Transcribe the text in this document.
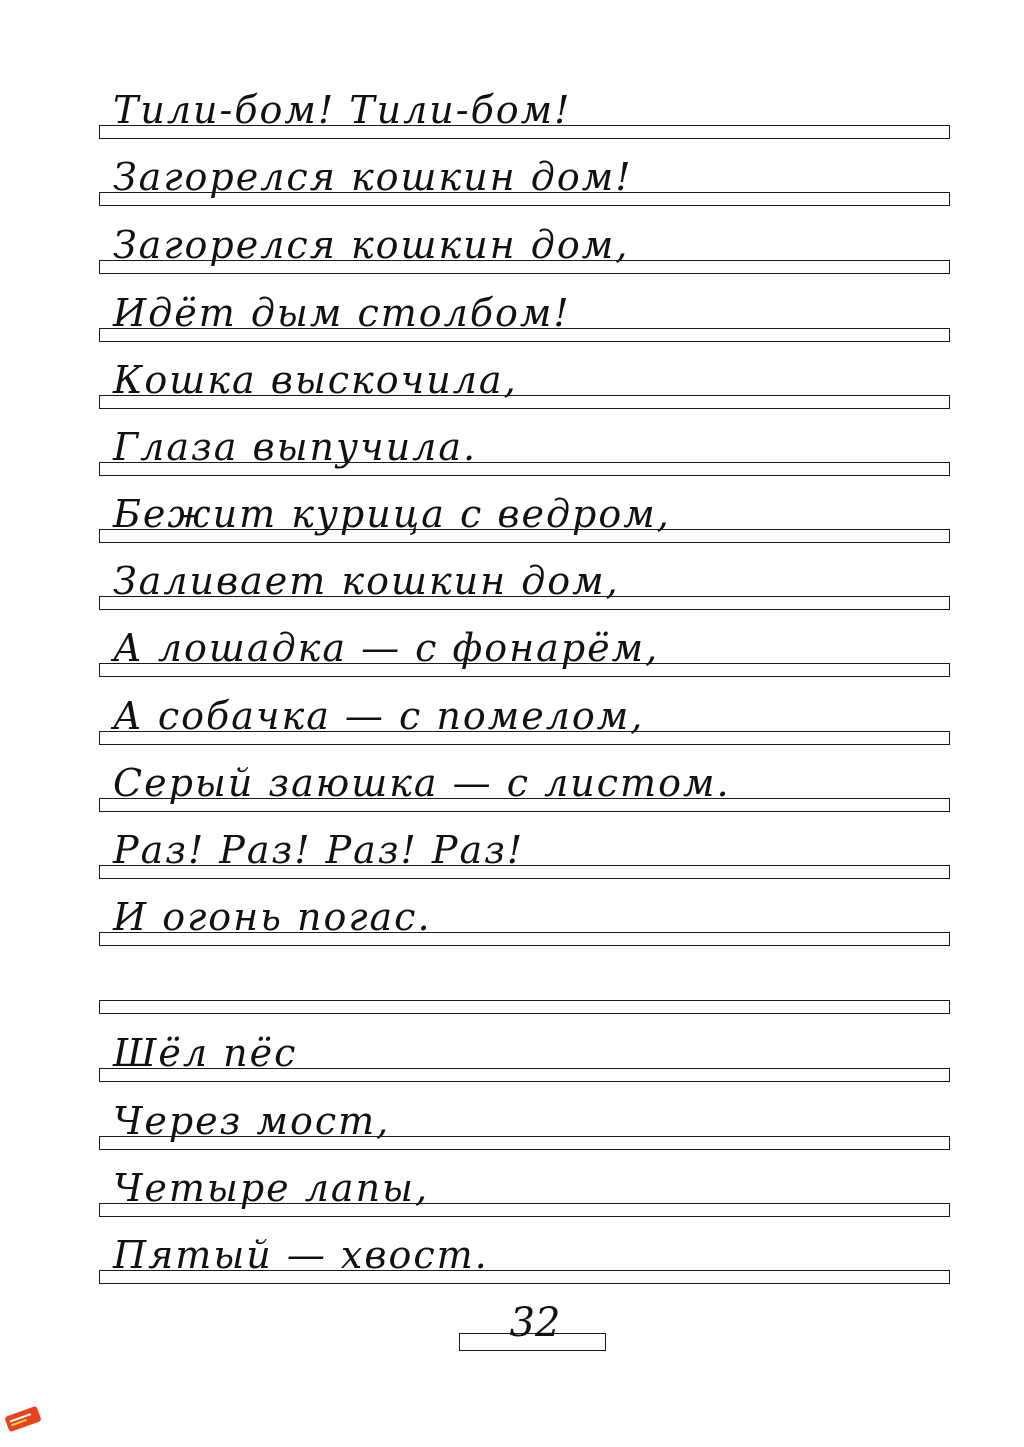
Тили-бом! Тили-бом!
Загорелся кошкин дом!
Загорелся кошкин дом,
Идёт дым столбом!
Кошка выскочила,
Глаза выпучила.
Бежит курица с ведром,
Заливает кошкин дом,
А лошадка — с фонарём,
А собачка — с помелом,
Серый заюшка — с листом.
Раз! Раз! Раз! Раз!
И огонь погас.
Шёл пёс
Через мост,
Четыре лапы,
Пятый — хвост.
32
